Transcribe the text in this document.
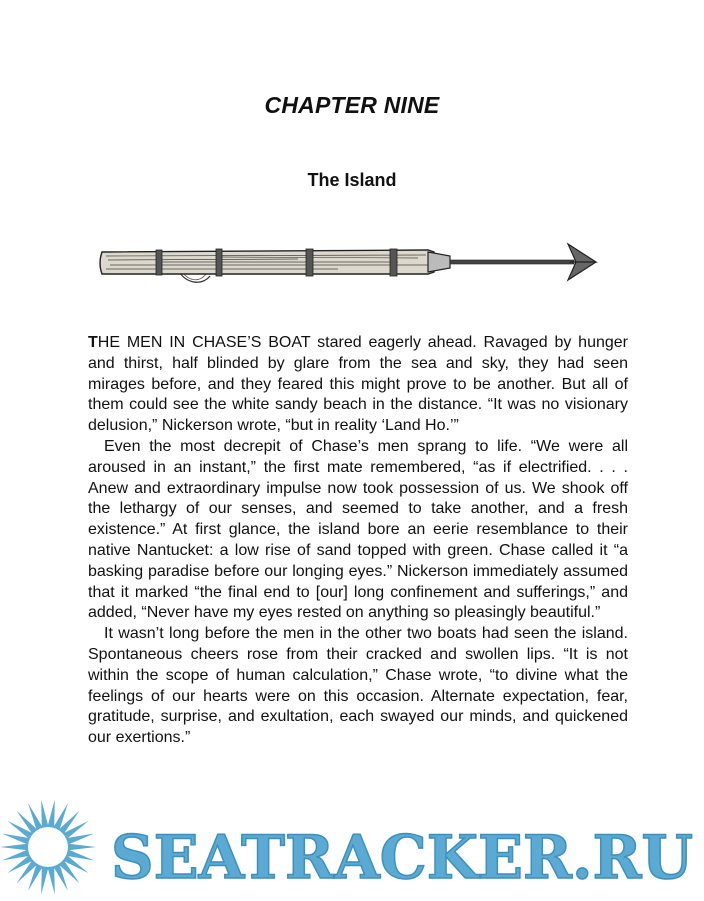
CHAPTER NINE
The Island

THE MEN IN CHASE’S BOAT stared eagerly ahead. Ravaged by hunger and thirst, half blinded by glare from the sea and sky, they had seen mirages before, and they feared this might prove to be another. But all of them could see the white sandy beach in the distance. “It was no visionary delusion,” Nickerson wrote, “but in reality ‘Land Ho.’”

Even the most decrepit of Chase’s men sprang to life. “We were all aroused in an instant,” the first mate remembered, “as if electrified. . . . Anew and extraordinary impulse now took possession of us. We shook off the lethargy of our senses, and seemed to take another, and a fresh existence.” At first glance, the island bore an eerie resemblance to their native Nantucket: a low rise of sand topped with green. Chase called it “a basking paradise before our longing eyes.” Nickerson immediately assumed that it marked “the final end to [our] long confinement and sufferings,” and added, “Never have my eyes rested on anything so pleasingly beautiful.”

It wasn’t long before the men in the other two boats had seen the island. Spontaneous cheers rose from their cracked and swollen lips. “It is not within the scope of human calculation,” Chase wrote, “to divine what the feelings of our hearts were on this occasion. Alternate expectation, fear, gratitude, surprise, and exultation, each swayed our minds, and quickened our exertions.”

SEATRACKER.RU
